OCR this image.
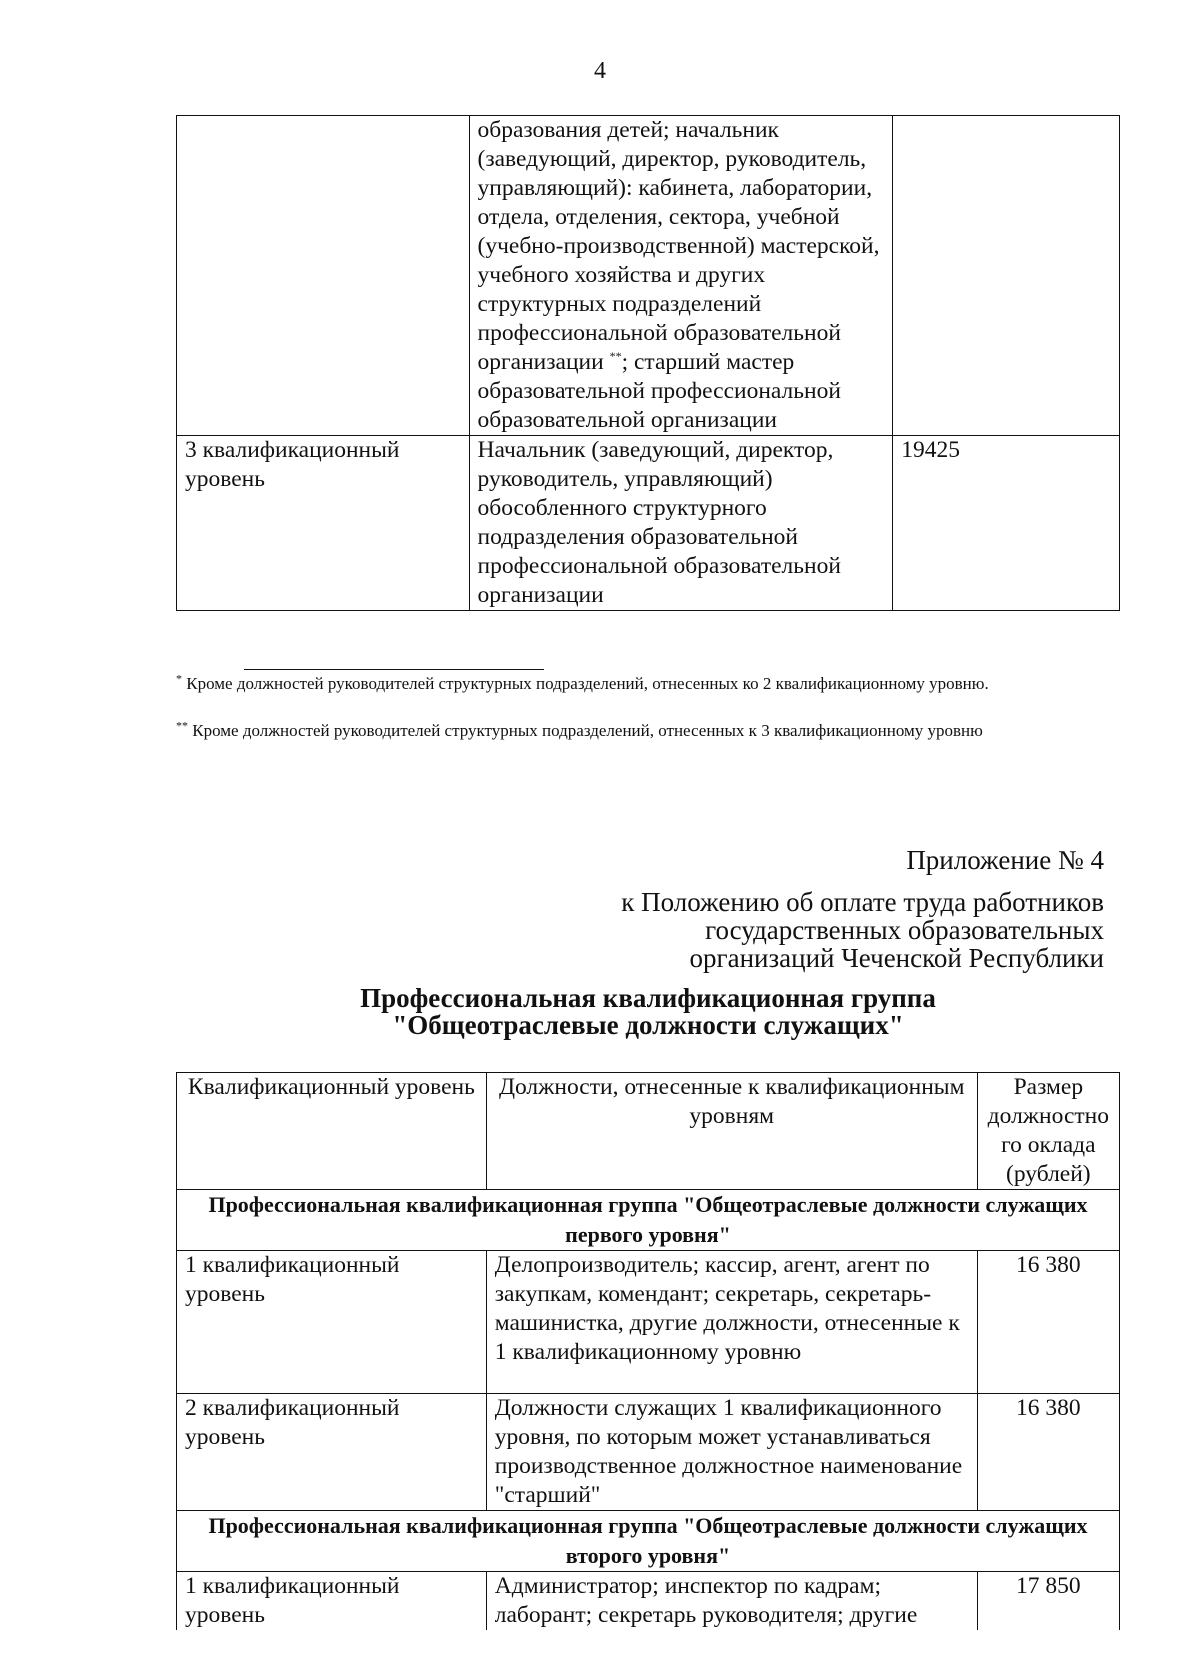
4
	образования детей; начальник (заведующий, директор, руководитель, управляющий): кабинета, лаборатории, отдела, отделения, сектора, учебной (учебно-производственной) мастерской, учебного хозяйства и других структурных подразделений профессиональной образовательной организации **; старший мастер образовательной профессиональной образовательной организации	
3 квалификационный уровень	Начальник (заведующий, директор, руководитель, управляющий) обособленного структурного подразделения образовательной профессиональной образовательной организации	19425
* Кроме должностей руководителей структурных подразделений, отнесенных ко 2 квалификационному уровню.
** Кроме должностей руководителей структурных подразделений, отнесенных к 3 квалификационному уровню
Приложение № 4
к Положению об оплате труда работников
государственных образовательных
организаций Чеченской Республики
Профессиональная квалификационная группа
"Общеотраслевые должности служащих"
Квалификационный уровень	Должности, отнесенные к квалификационным уровням	Размер должностно го оклада (рублей)
Профессиональная квалификационная группа "Общеотраслевые должности служащих первого уровня"		
1 квалификационный уровень	Делопроизводитель; кассир, агент, агент по закупкам, комендант; секретарь, секретарь-машинистка, другие должности, отнесенные к 1 квалификационному уровню	16 380
2 квалификационный уровень	Должности служащих 1 квалификационного уровня, по которым может устанавливаться производственное должностное наименование "старший"	16 380
Профессиональная квалификационная группа "Общеотраслевые должности служащих второго уровня"		
1 квалификационный уровень	Администратор; инспектор по кадрам; лаборант; секретарь руководителя; другие	17 850
